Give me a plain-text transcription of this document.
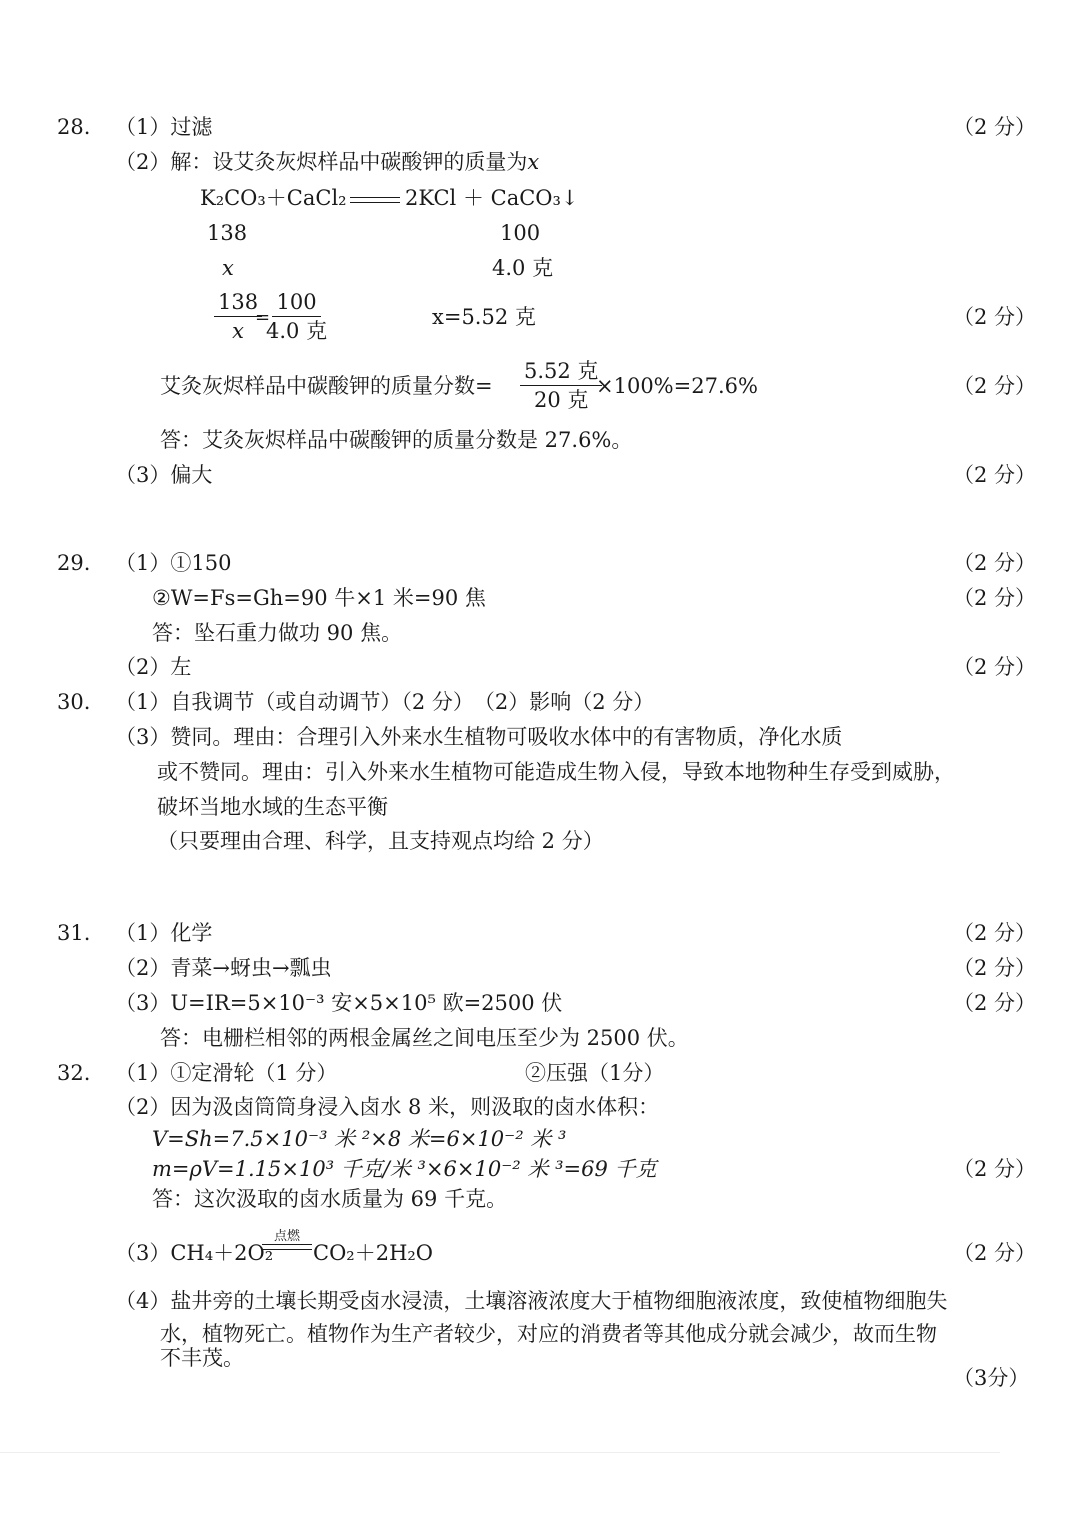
28. （1）过滤	（2 分）
（2）解：设艾灸灰烬样品中碳酸钾的质量为x
K₂CO₃＋CaCl₂	2KCl ＋ CaCO₃↓
138	100
x	4.0 克
$\frac{138}{x}$
=
100
4.0 克
x=5.52 克	（2 分）
艾灸灰烬样品中碳酸钾的质量分数=
5.52 克
20 克
×100%=27.6%	（2 分）
答：艾灸灰烬样品中碳酸钾的质量分数是 27.6%。
（3）偏大	（2 分）
29. （1）①150	（2 分）
②W=Fs=Gh=90 牛×1 米=90 焦	（2 分）
答：坠石重力做功 90 焦。
（2）左	（2 分）
30. （1）自我调节（或自动调节）（2 分）　（2）影响（2 分）
（3）赞同。理由：合理引入外来水生植物可吸收水体中的有害物质，净化水质
或不赞同。理由：引入外来水生植物可能造成生物入侵，导致本地物种生存受到威胁，
破坏当地水域的生态平衡
（只要理由合理、科学，且支持观点均给 2 分）
31. （1）化学	（2 分）
（2）青菜→蚜虫→瓢虫	（2 分）
（3）U=IR=5×10⁻³ 安×5×10⁵ 欧=2500 伏	（2 分）
答：电栅栏相邻的两根金属丝之间电压至少为 2500 伏。
32. （1）①定滑轮（1 分）	②压强（1分）
（2）因为汲卤筒筒身浸入卤水 8 米，则汲取的卤水体积：
V=Sh=7.5×10⁻³ 米 ²×8 米=6×10⁻² 米 ³
m=ρV=1.15×10³ 千克/米 ³×6×10⁻² 米 ³=69 千克	（2 分）
答：这次汲取的卤水质量为 69 千克。
（3）CH₄＋2O₂
点燃
CO₂＋2H₂O	（2 分）
（4）盐井旁的土壤长期受卤水浸渍，土壤溶液浓度大于植物细胞液浓度，致使植物细胞失
水，植物死亡。植物作为生产者较少，对应的消费者等其他成分就会减少，故而生物
不丰茂。
（3分）
